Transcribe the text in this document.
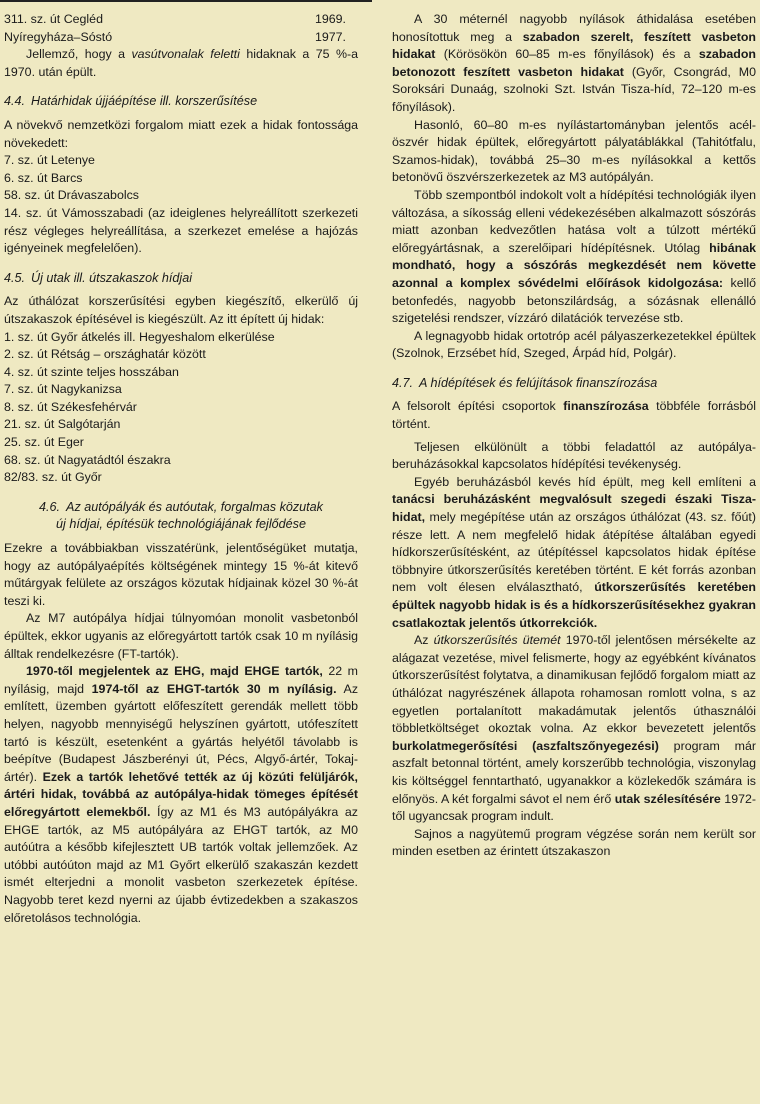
311. sz. út Cegléd	1969.
Nyíregyháza–Sóstó	1977.

Jellemző, hogy a vasútvonalak feletti hidaknak a 75 %-a 1970. után épült.

4.4. Határhidak újjáépítése ill. korszerűsítése

A növekvő nemzetközi forgalom miatt ezek a hidak fontossága növekedett:

7. sz. út Letenye
6. sz. út Barcs
58. sz. út Drávaszabolcs

14. sz. út Vámosszabadi (az ideiglenes helyreállított szerkezeti rész végleges helyreállítása, a szerkezet emelése a hajózás igényeinek megfelelően).

4.5. Új utak ill. útszakaszok hídjai

Az úthálózat korszerűsítési egyben kiegészítő, elkerülő új útszakaszok építésével is kiegészült. Az itt épített új hidak:

1. sz. út Győr átkelés ill. Hegyeshalom elkerülése
2. sz. út Rétság – országhatár között
4. sz. út szinte teljes hosszában
7. sz. út Nagykanizsa
8. sz. út Székesfehérvár
21. sz. út Salgótarján
25. sz. út Eger
68. sz. út Nagyatádtól északra
82/83. sz. út Győr
4.6. Az autópályák és autóutak, forgalmas közutak
új hídjai, építésük technológiájának fejlődése

Ezekre a továbbiakban visszatérünk, jelentőségüket mutatja, hogy az autópályaépítés költségének mintegy 15 %-át kitevő műtárgyak felülete az országos közutak hídjainak közel 30 %-át teszi ki.

Az M7 autópálya hídjai túlnyomóan monolit vasbetonból épültek, ekkor ugyanis az előregyártott tartók csak 10 m nyílásig álltak rendelkezésre (FT-tartók).

1970-től megjelentek az EHG, majd EHGE tartók, 22 m nyílásig, majd 1974-től az EHGT-tartók 30 m nyílásig. Az említett, üzemben gyártott előfeszített gerendák mellett több helyen, nagyobb mennyiségű helyszínen gyártott, utófeszített tartó is készült, esetenként a gyártás helyétől távolabb is beépítve (Budapest Jászberényi út, Pécs, Algyő-ártér, Tokaj-ártér). Ezek a tartók lehetővé tették az új közúti felüljárók, ártéri hidak, továbbá az autópálya-hidak tömeges építését előregyártott elemekből. Így az M1 és M3 autópályákra az EHGE tartók, az M5 autópályára az EHGT tartók, az M0 autóútra a később kifejlesztett UB tartók voltak jellemzőek. Az utóbbi autóúton majd az M1 Győrt elkerülő szakaszán kezdett ismét elterjedni a monolit vasbeton szerkezetek építése. Nagyobb teret kezd nyerni az újabb évtizedekben a szakaszos előretolásos technológia.

A 30 méternél nagyobb nyílások áthidalása esetében honosítottuk meg a szabadon szerelt, feszített vasbeton hidakat (Körösökön 60–85 m-es főnyílások) és a szabadon betonozott feszített vasbeton hidakat (Győr, Csongrád, M0 Soroksári Dunaág, szolnoki Szt. István Tisza-híd, 72–120 m-es főnyílások).

Hasonló, 60–80 m-es nyílástartományban jelentős acél-öszvér hidak épültek, előregyártott pályatáblákkal (Tahitótfalu, Szamos-hidak), továbbá 25–30 m-es nyílásokkal a kettős betonövű öszvérszerkezetek az M3 autópályán.

Több szempontból indokolt volt a hídépítési technológiák ilyen változása, a síkosság elleni védekezésében alkalmazott sószórás miatt azonban kedvezőtlen hatása volt a túlzott mértékű előregyártásnak, a szerelőipari hídépítésnek. Utólag hibának mondható, hogy a sószórás megkezdését nem követte azonnal a komplex sóvédelmi előírások kidolgozása: kellő betonfedés, nagyobb betonszilárdság, a sózásnak ellenálló szigetelési rendszer, vízzáró dilatációk tervezése stb.

A legnagyobb hidak ortotróp acél pályaszerkezetekkel épültek (Szolnok, Erzsébet híd, Szeged, Árpád híd, Polgár).

4.7. A hídépítések és felújítások finanszírozása

A felsorolt építési csoportok finanszírozása többféle forrásból történt.

Teljesen elkülönült a többi feladattól az autópálya-beruházásokkal kapcsolatos hídépítési tevékenység.

Egyéb beruházásból kevés híd épült, meg kell említeni a tanácsi beruházásként megvalósult szegedi északi Tisza-hidat, mely megépítése után az országos úthálózat (43. sz. főút) része lett. A nem megfelelő hidak átépítése általában egyedi hídkorszerűsítésként, az útépítéssel kapcsolatos hidak építése többnyire útkorszerűsítés keretében történt. E két forrás azonban nem volt élesen elválasztható, útkorszerűsítés keretében épültek nagyobb hidak is és a hídkorszerűsítésekhez gyakran csatlakoztak jelentős útkorrekciók.

Az útkorszerűsítés ütemét 1970-től jelentősen mérsékelte az alágazat vezetése, mivel felismerte, hogy az egyébként kívánatos útkorszerűsítést folytatva, a dinamikusan fejlődő forgalom miatt az úthálózat nagyrészének állapota rohamosan romlott volna, s az egyetlen portalanított makadámutak jelentős úthasználói többletköltséget okoztak volna. Az ekkor bevezetett jelentős burkolatmegerősítési (aszfaltszőnyegezési) program már aszfalt betonnal történt, amely korszerűbb technológia, viszonylag kis költséggel fenntartható, ugyanakkor a közlekedők számára is előnyös. A két forgalmi sávot el nem érő utak szélesítésére 1972-től ugyancsak program indult.

Sajnos a nagyütemű program végzése során nem került sor minden esetben az érintett útszakaszon
